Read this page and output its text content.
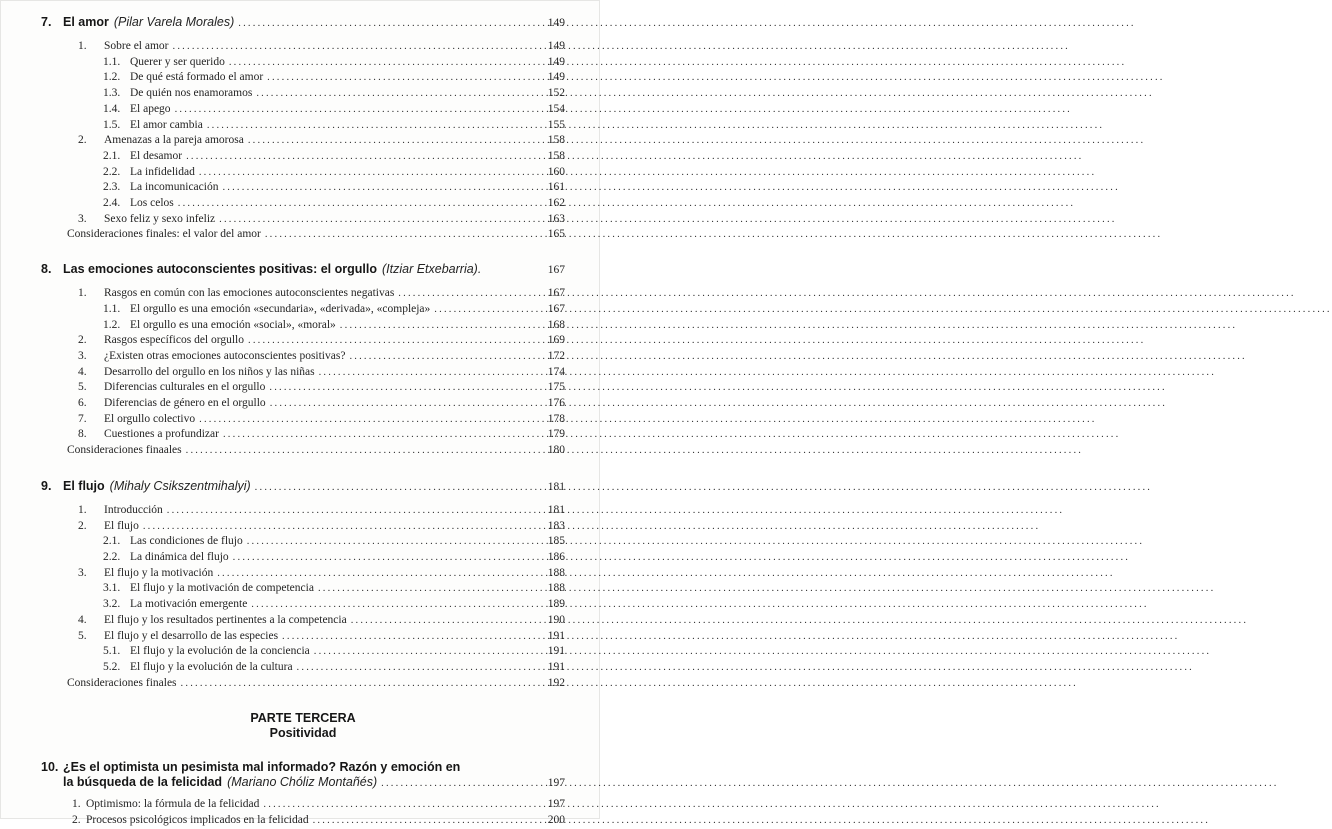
7. El amor (Pilar Varela Morales) .....	149
1.	Sobre el amor .....	149
1.1. Querer y ser querido .....	149
1.2. De qué está formado el amor .....	149
1.3. De quién nos enamoramos .....	152
1.4. El apego .....	154
1.5. El amor cambia .....	155
2.	Amenazas a la pareja amorosa .....	158
2.1. El desamor .....	158
2.2. La infidelidad .....	160
2.3. La incomunicación .....	161
2.4. Los celos .....	162
3.	Sexo feliz y sexo infeliz .....	163
Consideraciones finales: el valor del amor .....	165
8. Las emociones autoconscientes positivas: el orgullo (Itziar Etxebarria).	167
1.	Rasgos en común con las emociones autoconscientes negativas .....	167
1.1. El orgullo es una emoción «secundaria», «derivada», «compleja» .....	167
1.2. El orgullo es una emoción «social», «moral» .....	168
2.	Rasgos específicos del orgullo .....	169
3.	¿Existen otras emociones autoconscientes positivas? .....	172
4.	Desarrollo del orgullo en los niños y las niñas .....	174
5.	Diferencias culturales en el orgullo .....	175
6.	Diferencias de género en el orgullo .....	176
7.	El orgullo colectivo .....	178
8.	Cuestiones a profundizar .....	179
Consideraciones finaales .....	180
9. El flujo (Mihaly Csikszentmihalyi) .....	181
1.	Introducción .....	181
2.	El flujo .....	183
2.1. Las condiciones de flujo .....	185
2.2. La dinámica del flujo .....	186
3.	El flujo y la motivación .....	188
3.1. El flujo y la motivación de competencia .....	188
3.2. La motivación emergente .....	189
4.	El flujo y los resultados pertinentes a la competencia .....	190
5.	El flujo y el desarrollo de las especies .....	191
5.1. El flujo y la evolución de la conciencia .....	191
5.2. El flujo y la evolución de la cultura .....	191
Consideraciones finales .....	192
PARTE TERCERA
Positividad
10. ¿Es el optimista un pesimista mal informado? Razón y emoción en
la búsqueda de la felicidad (Mariano Chóliz Montañés) .....	197
1. Optimismo: la fórmula de la felicidad .....	197
2. Procesos psicológicos implicados en la felicidad .....	200
